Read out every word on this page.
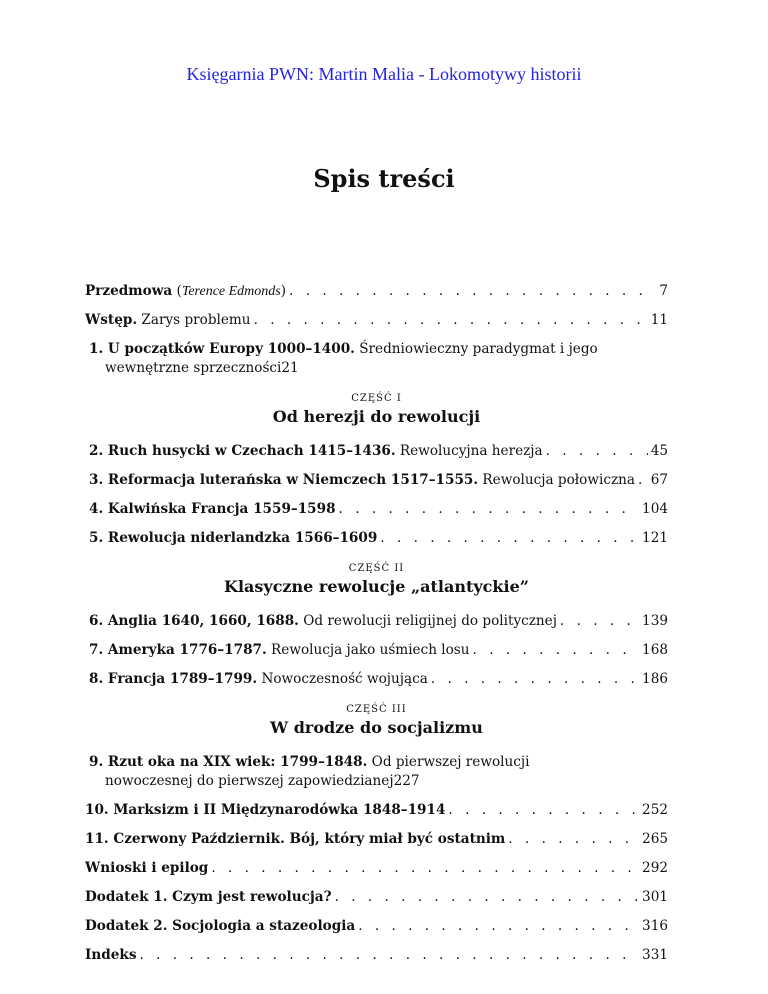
Księgarnia PWN: Martin Malia - Lokomotywy historii
Spis treści
Przedmowa (Terence Edmonds) . . .	7
Wstęp. Zarys problemu . . .	11
1. U początków Europy 1000–1400. Średniowieczny paradygmat i jego
wewnętrzne sprzeczności 21
CZĘŚĆ I
Od herezji do rewolucji
2. Ruch husycki w Czechach 1415–1436. Rewolucyjna herezja . . .	45
3. Reformacja luterańska w Niemczech 1517–1555. Rewolucja połowiczna . . . 67
4. Kalwińska Francja 1559–1598 . . .	104
5. Rewolucja niderlandzka 1566–1609 . . .	121
CZĘŚĆ II
Klasyczne rewolucje „atlantyckie”
6. Anglia 1640, 1660, 1688. Od rewolucji religijnej do politycznej . . .	139
7. Ameryka 1776–1787. Rewolucja jako uśmiech losu . . .	168
8. Francja 1789–1799. Nowoczesność wojująca . . .	186
CZĘŚĆ III
W drodze do socjalizmu
9. Rzut oka na XIX wiek: 1799–1848. Od pierwszej rewolucji
nowoczesnej do pierwszej zapowiedzianej 227
10. Marksizm i II Międzynarodówka 1848–1914 . . .	252
11. Czerwony Październik. Bój, który miał być ostatnim . . .	265
Wnioski i epilog . . .	292
Dodatek 1. Czym jest rewolucja? . . .	301
Dodatek 2. Socjologia a stazeologia . . .	316
Indeks . . .	331
